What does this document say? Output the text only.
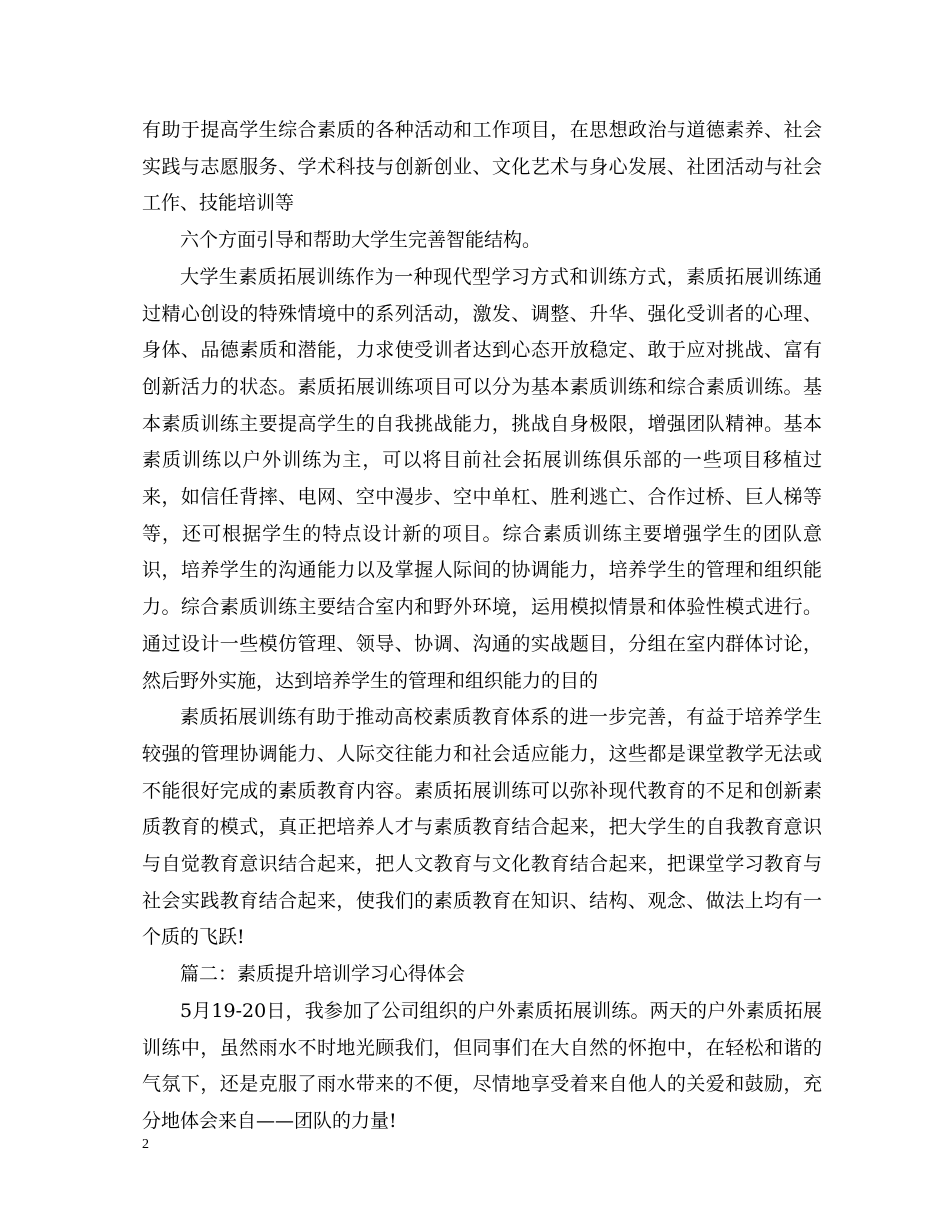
有助于提高学生综合素质的各种活动和工作项目，在思想政治与道德素养、社会实践与志愿服务、学术科技与创新创业、文化艺术与身心发展、社团活动与社会工作、技能培训等

六个方面引导和帮助大学生完善智能结构。

大学生素质拓展训练作为一种现代型学习方式和训练方式，素质拓展训练通过精心创设的特殊情境中的系列活动，激发、调整、升华、强化受训者的心理、身体、品德素质和潜能，力求使受训者达到心态开放稳定、敢于应对挑战、富有创新活力的状态。素质拓展训练项目可以分为基本素质训练和综合素质训练。基本素质训练主要提高学生的自我挑战能力，挑战自身极限，增强团队精神。基本素质训练以户外训练为主，可以将目前社会拓展训练俱乐部的一些项目移植过来，如信任背摔、电网、空中漫步、空中单杠、胜利逃亡、合作过桥、巨人梯等等，还可根据学生的特点设计新的项目。综合素质训练主要增强学生的团队意识，培养学生的沟通能力以及掌握人际间的协调能力，培养学生的管理和组织能力。综合素质训练主要结合室内和野外环境，运用模拟情景和体验性模式进行。通过设计一些模仿管理、领导、协调、沟通的实战题目，分组在室内群体讨论，然后野外实施，达到培养学生的管理和组织能力的目的

素质拓展训练有助于推动高校素质教育体系的进一步完善，有益于培养学生较强的管理协调能力、人际交往能力和社会适应能力，这些都是课堂教学无法或不能很好完成的素质教育内容。素质拓展训练可以弥补现代教育的不足和创新素质教育的模式，真正把培养人才与素质教育结合起来，把大学生的自我教育意识与自觉教育意识结合起来，把人文教育与文化教育结合起来，把课堂学习教育与社会实践教育结合起来，使我们的素质教育在知识、结构、观念、做法上均有一个质的飞跃!

篇二：素质提升培训学习心得体会

5月19-20日，我参加了公司组织的户外素质拓展训练。两天的户外素质拓展训练中，虽然雨水不时地光顾我们，但同事们在大自然的怀抱中，在轻松和谐的气氛下，还是克服了雨水带来的不便，尽情地享受着来自他人的关爱和鼓励，充分地体会来自——团队的力量!

2
